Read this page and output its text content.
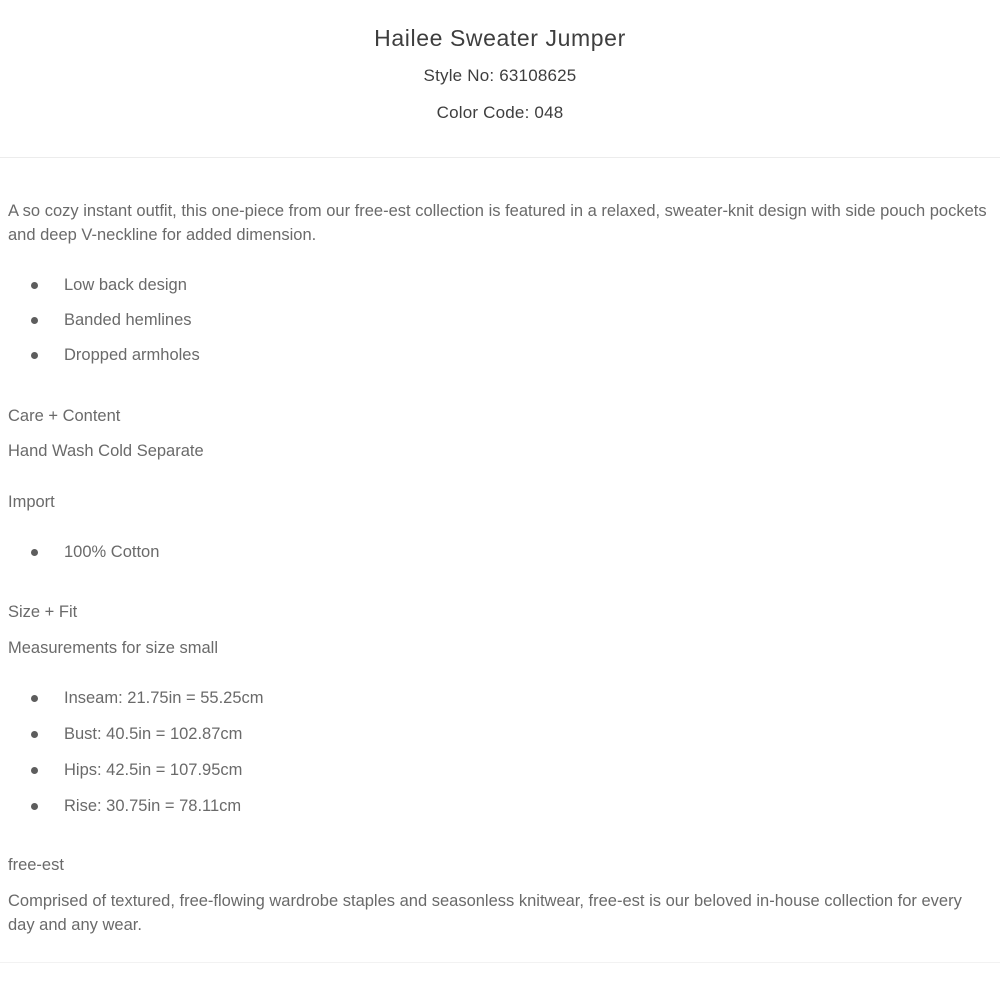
Hailee Sweater Jumper
Style No: 63108625
Color Code: 048

A so cozy instant outfit, this one-piece from our free-est collection is featured in a relaxed, sweater-knit design with side pouch pockets and deep V-neckline for added dimension.

Low back design
Banded hemlines
Dropped armholes

Care + Content

Hand Wash Cold Separate

Import

100% Cotton

Size + Fit

Measurements for size small

Inseam: 21.75in = 55.25cm
Bust: 40.5in = 102.87cm
Hips: 42.5in = 107.95cm
Rise: 30.75in = 78.11cm

free-est

Comprised of textured, free-flowing wardrobe staples and seasonless knitwear, free-est is our beloved in-house collection for every day and any wear.
